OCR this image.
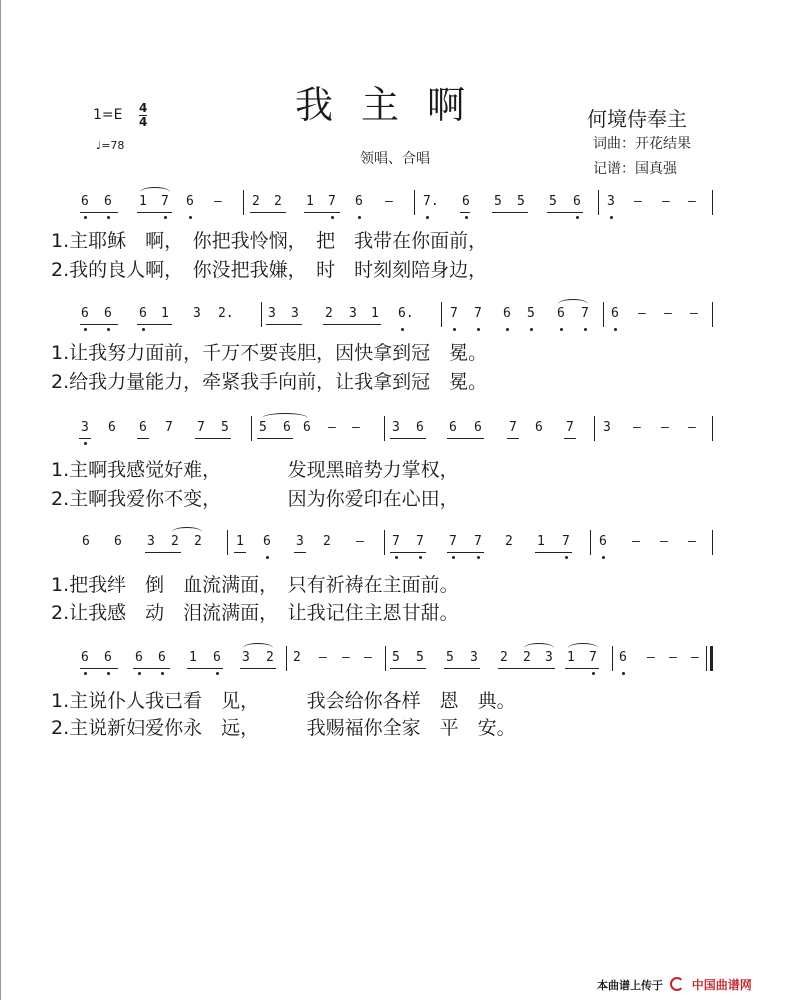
我主啊
1=E 4
4
♩=78
领唱、合唱
何境侍奉主
词曲：开花结果
记谱：国真强
6 6 1 7 6 – 2 2 1 7 6 – 7. 6 5 5 5 6 3 – – –
1.主耶稣　啊，　你把我怜悯，　把　我带在你面前，
2.我的良人啊，　你没把我嫌，　时　时刻刻陪身边，
6 6 6 1 3 2.	3 3 2 3 1 6.	7 7 6 5 6 7 6 – – –
1.让我努力面前，千万不要丧胆，因快拿到冠　冕。
2.给我力量能力，牵紧我手向前，让我拿到冠　冕。
3 6 6 7 7 5 5 6 6 – – 3 6 6 6 7 6 7 3 – – –
1.主啊我感觉好难，　　　　发现黑暗势力掌权，
2.主啊我爱你不变，　　　　因为你爱印在心田，
6 6 3 2 2	1 6 3 2 – 7 7 7 7 2 1 7 6 – – –
1.把我绊　倒　血流满面，　只有祈祷在主面前。
2.让我感　动　泪流满面，　让我记住主恩甘甜。
6 6 6 6 1 6 3 2 2 – – – 5 5 5 3 2 2 3 1 7 6 – – –
1.主说仆人我已看　见，　　　我会给你各样　恩　典。
2.主说新妇爱你永　远，　　　我赐福你全家　平　安。
本曲谱上传于 中国曲谱网
